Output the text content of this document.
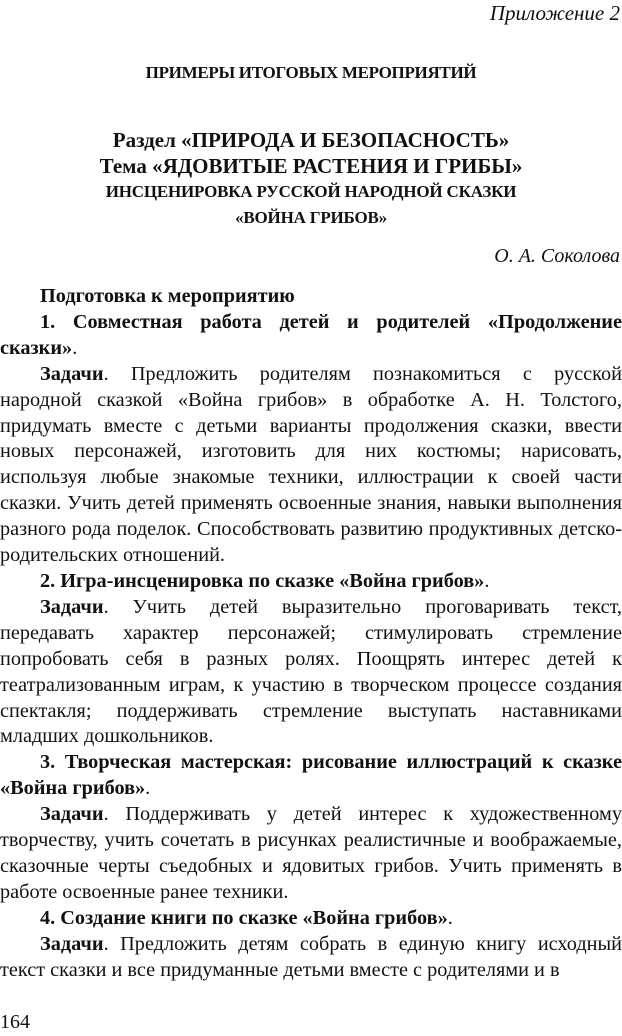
Приложение 2
ПРИМЕРЫ ИТОГОВЫХ МЕРОПРИЯТИЙ
Раздел «ПРИРОДА И БЕЗОПАСНОСТЬ»
Тема «ЯДОВИТЫЕ РАСТЕНИЯ И ГРИБЫ»
ИНСЦЕНИРОВКА РУССКОЙ НАРОДНОЙ СКАЗКИ
«ВОЙНА ГРИБОВ»
О. А. Соколова

Подготовка к мероприятию

1. Совместная работа детей и родителей «Продолжение сказки».

Задачи. Предложить родителям познакомиться с русской народной сказкой «Война грибов» в обработке А. Н. Толстого, придумать вместе с детьми варианты продолжения сказки, ввести новых персонажей, изготовить для них костюмы; нарисовать, используя любые знакомые техники, иллюстрации к своей части сказки. Учить детей применять освоенные знания, навыки выполнения разного рода поделок. Способствовать развитию продуктивных детско-родительских отношений.

2. Игра-инсценировка по сказке «Война грибов».

Задачи. Учить детей выразительно проговаривать текст, передавать характер персонажей; стимулировать стремление попробовать себя в разных ролях. Поощрять интерес детей к театрализованным играм, к участию в творческом процессе создания спектакля; поддерживать стремление выступать наставниками младших дошкольников.

3. Творческая мастерская: рисование иллюстраций к сказке «Война грибов».

Задачи. Поддерживать у детей интерес к художественному творчеству, учить сочетать в рисунках реалистичные и воображаемые, сказочные черты съедобных и ядовитых грибов. Учить применять в работе освоенные ранее техники.

4. Создание книги по сказке «Война грибов».

Задачи. Предложить детям собрать в единую книгу исходный текст сказки и все придуманные детьми вместе с родителями и в

164
